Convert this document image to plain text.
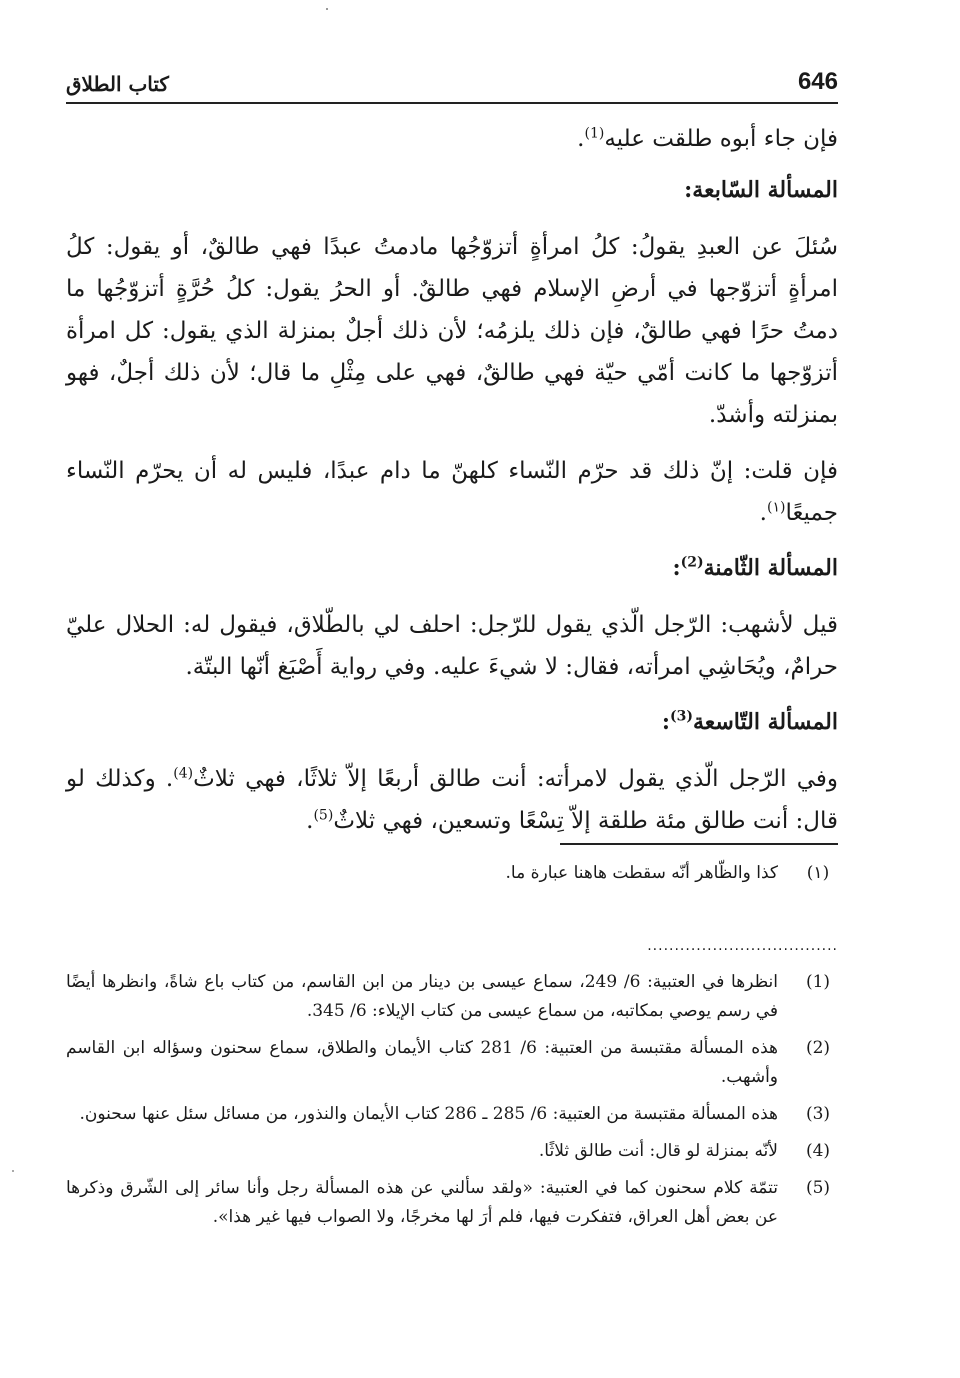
646
كتاب الطلاق

فإن جاء أبوه طلقت عليه$^{(1)}$.

المسألة السّابعة:

سُئلَ عن العبدِ يقولُ: كلُ امرأةٍ أتزوّجُها مادمتُ عبدًا فهي طالقٌ، أو يقول: كلُ امرأةٍ أتزوّجها في أرضِ الإسلام فهي طالقٌ. أو الحرُ يقول: كلُ حُرَّةٍ أتزوّجُها ما دمتُ حرًا فهي طالقٌ، فإن ذلك يلزمُه؛ لأن ذلك أجلٌ بمنزلة الذي يقول: كل امرأة أتزوّجها ما كانت أمّي حيّة فهي طالقٌ، فهي على مِثْلِ ما قال؛ لأن ذلك أجلٌ، فهو بمنزلته وأشدّ.

فإن قلت: إنّ ذلك قد حرّم النّساء كلهنّ ما دام عبدًا، فليس له أن يحرّم النّساء جميعًا$^{(١)}$.

المسألة الثّامنة$^{(2)}$:

قيل لأشهب: الرّجل الّذي يقول للرّجل: احلف لي بالطّلاق، فيقول له: الحلال عليّ حرامٌ، ويُحَاشِي امرأته، فقال: لا شيءَ عليه. وفي رواية أَصْبَغ أنّها البتّة.

المسألة التّاسعة$^{(3)}$:

وفي الرّجل الّذي يقول لامرأته: أنت طالق أربعًا إلاّ ثلاثًا، فهي ثلاثٌ$^{(4)}$. وكذلك لو قال: أنت طالق مئة طلقة إلاّ تِسْعًا وتسعين، فهي ثلاثٌ$^{(5)}$.

(١)
كذا والظّاهر أنّه سقطت هاهنا عبارة ما.
...................................
(1)
انظرها في العتبية: 6/ 249، سماع عيسى بن دينار من ابن القاسم، من كتاب باع شاةً، وانظرها أيضًا في رسم يوصي بمكاتبه، من سماع عيسى من كتاب الإيلاء: 6/ 345.
(2)
هذه المسألة مقتبسة من العتبية: 6/ 281 كتاب الأيمان والطلاق، سماع سحنون وسؤاله ابن القاسم وأشهب.
(3)
هذه المسألة مقتبسة من العتبية: 6/ 285 ـ 286 كتاب الأيمان والنذور، من مسائل سئل عنها سحنون.
(4)
لأنّه بمنزلة لو قال: أنت طالق ثلاثًا.
(5)
تتمّة كلام سحنون كما في العتبية: «ولقد سألني عن هذه المسألة رجل وأنا سائر إلى الشّرق وذكرها عن بعض أهل العراق، فتفكرت فيها، فلم أرَ لها مخرجًا، ولا الصواب فيها غير هذا».
